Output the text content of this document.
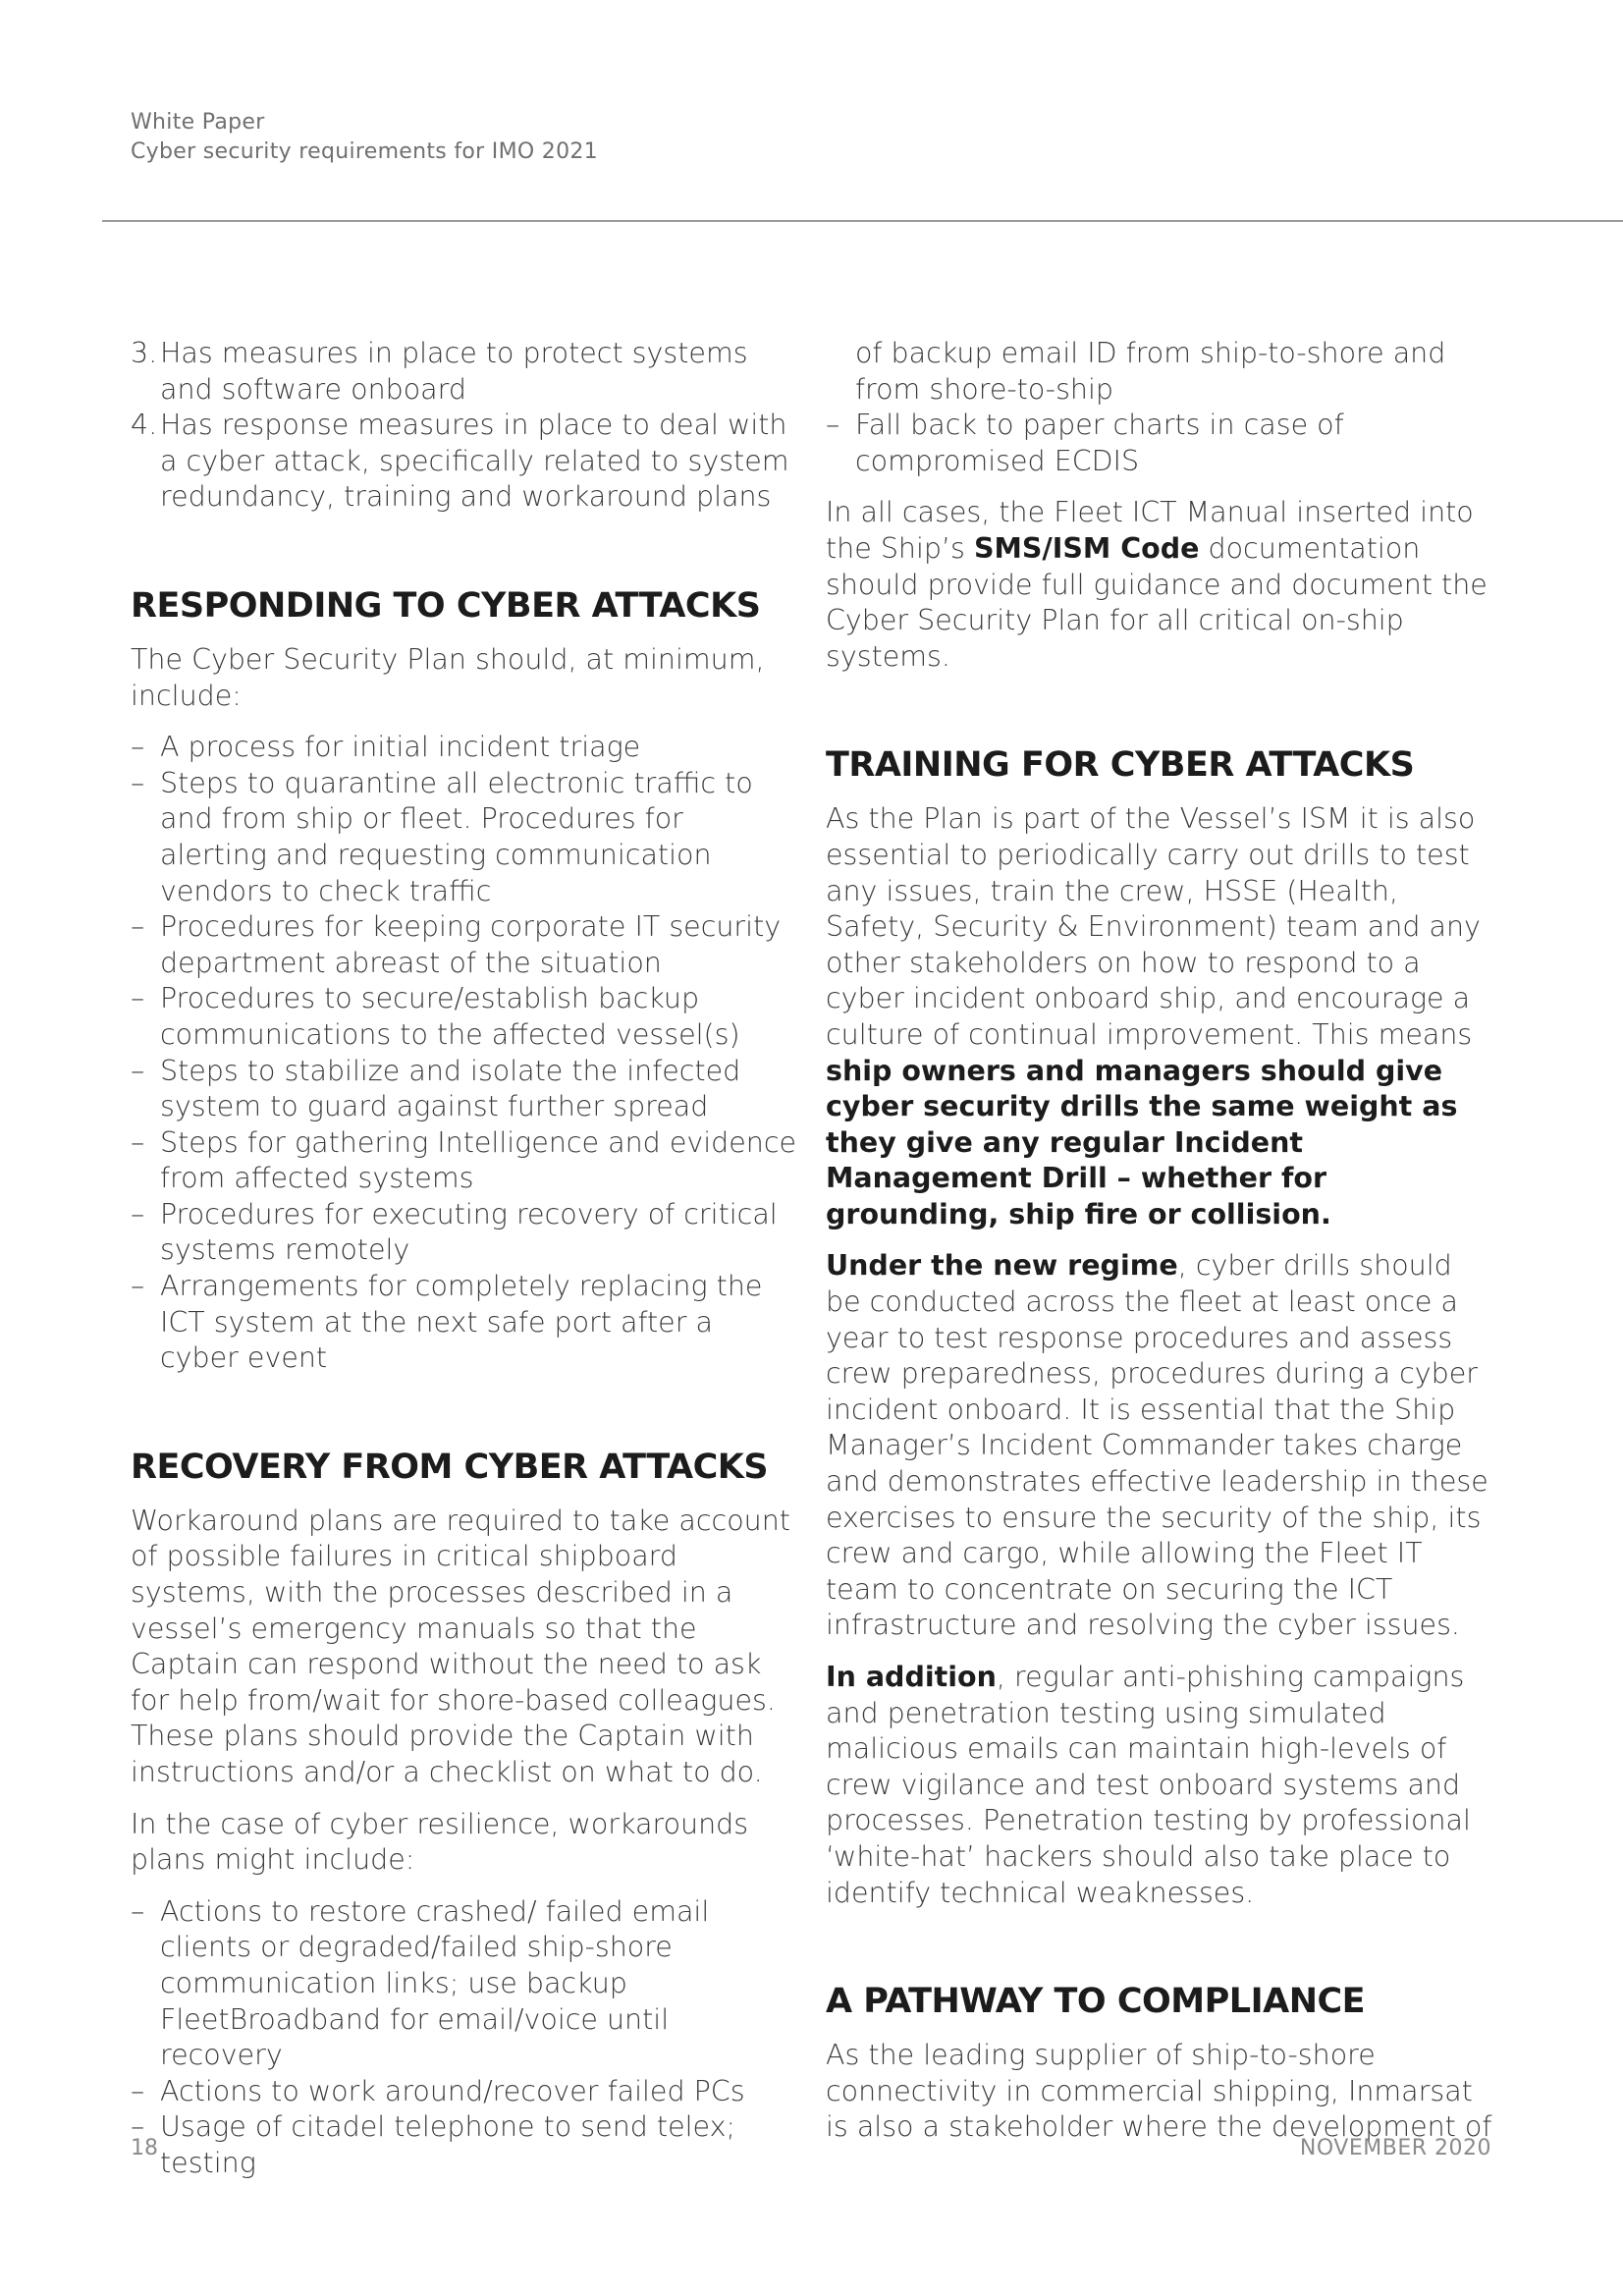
White Paper
Cyber security requirements for IMO 2021
3. Has measures in place to protect systems and software onboard
4. Has response measures in place to deal with a cyber attack, specifically related to system redundancy, training and workaround plans
RESPONDING TO CYBER ATTACKS

The Cyber Security Plan should, at minimum, include:

– A process for initial incident triage
– Steps to quarantine all electronic traffic to and from ship or fleet. Procedures for alerting and requesting communication vendors to check traffic
– Procedures for keeping corporate IT security department abreast of the situation
– Procedures to secure/establish backup communications to the affected vessel(s)
– Steps to stabilize and isolate the infected system to guard against further spread
– Steps for gathering Intelligence and evidence from affected systems
– Procedures for executing recovery of critical systems remotely
– Arrangements for completely replacing the ICT system at the next safe port after a cyber event
RECOVERY FROM CYBER ATTACKS

Workaround plans are required to take account of possible failures in critical shipboard systems, with the processes described in a vessel’s emergency manuals so that the Captain can respond without the need to ask for help from/wait for shore-based colleagues. These plans should provide the Captain with instructions and/or a checklist on what to do.

In the case of cyber resilience, workarounds plans might include:

– Actions to restore crashed/ failed email clients or degraded/failed ship-shore communication links; use backup FleetBroadband for email/voice until recovery
– Actions to work around/recover failed PCs
– Usage of citadel telephone to send telex; testing

of backup email ID from ship-to-shore and from shore-to-ship

– Fall back to paper charts in case of compromised ECDIS

In all cases, the Fleet ICT Manual inserted into the Ship’s SMS/ISM Code documentation should provide full guidance and document the Cyber Security Plan for all critical on-ship systems.

TRAINING FOR CYBER ATTACKS

As the Plan is part of the Vessel’s ISM it is also essential to periodically carry out drills to test any issues, train the crew, HSSE (Health, Safety, Security & Environment) team and any other stakeholders on how to respond to a cyber incident onboard ship, and encourage a culture of continual improvement. This means ship owners and managers should give cyber security drills the same weight as they give any regular Incident Management Drill – whether for grounding, ship fire or collision.

Under the new regime, cyber drills should be conducted across the fleet at least once a year to test response procedures and assess crew preparedness, procedures during a cyber incident onboard. It is essential that the Ship Manager’s Incident Commander takes charge and demonstrates effective leadership in these exercises to ensure the security of the ship, its crew and cargo, while allowing the Fleet IT team to concentrate on securing the ICT infrastructure and resolving the cyber issues.

In addition, regular anti-phishing campaigns and penetration testing using simulated malicious emails can maintain high-levels of crew vigilance and test onboard systems and processes. Penetration testing by professional ‘white-hat’ hackers should also take place to identify technical weaknesses.

A PATHWAY TO COMPLIANCE

As the leading supplier of ship-to-shore connectivity in commercial shipping, Inmarsat is also a stakeholder where the development of

18	NOVEMBER 2020
